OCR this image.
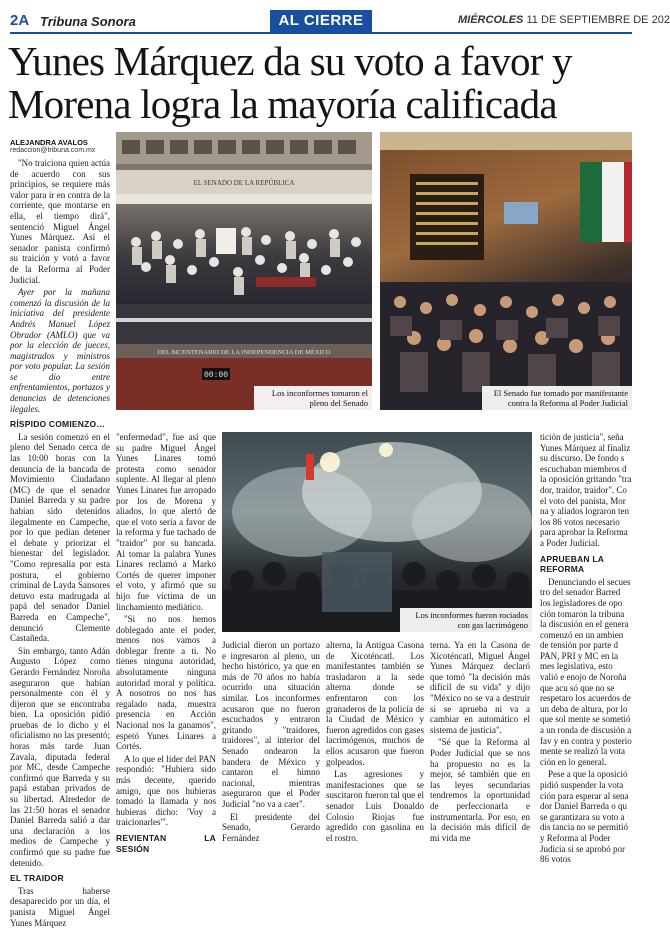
2A Tribuna Sonora	AL CIERRE	MIÉRCOLES 11 DE SEPTIEMBRE DE 202
Yunes Márquez da su voto a favor y
Morena logra la mayoría calificada
ALEJANDRA AVALOS
redaccion@tribuna.com.mx

"No traiciona quien actúa de acuerdo con sus principios, se requiere más valor para ir en contra de la corriente, que montarse en ella, el tiempo dirá", sentenció Miguel Ángel Yunes Márquez. Así el senador panista confirmó su traición y votó a favor de la Reforma al Poder Judicial.

Ayer por la mañana comenzó la discusión de la iniciativa del presidente Andrés Manuel López Obrador (AMLO) que va por la elección de jueces, magistrados y ministros por voto popular. La sesión se dio entre enfrentamientos, portazos y denuncias de detenciones ilegales.

RÍSPIDO COMIENZO…

La sesión comenzó en el pleno del Senado cerca de las 10:00 horas con la denuncia de la bancada de Movimiento Ciudadano (MC) de que el senador Daniel Barreda y su padre habían sido detenidos ilegalmente en Campeche, por lo que pedían detener el debate y priorizar el bienestar del legislador. "Como represalia por esta postura, el gobierno criminal de Layda Sansores detuvo esta madrugada al papá del senador Daniel Barreda en Campeche", denunció Clemente Castañeda.

Sin embargo, tanto Adán Augusto López como Gerardo Fernández Noroña aseguraron que habían personalmente con él y dijeron que se encontraba bien. La oposición pidió pruebas de lo dicho y el oficialismo no las presentó; horas más tarde Juan Zavala, diputada federal por MC, desde Campeche confirmó que Barreda y su papá estaban privados de su libertad. Alrededor de las 21:50 horas el senador Daniel Barreda salió a dar una declaración a los medios de Campeche y confirmó que su padre fue detenido.

EL TRAIDOR

Tras haberse desaparecido por un día, el panista Miguel Ángel Yunes Márquez

EL SENADO DE LA REPÚBLICA
DEL BICENTENARIO DE LA INDEPENDENCIA DE MÉXICO
00:00
Los inconformes tomaron el pleno del Senado
El Senado fue tomado por manifestante contra la Reforma al Poder Judicial

"enfermedad", fue así que su padre Miguel Ángel Yunes Linares tomó protesta como senador suplente. Al llegar al pleno Yunes Linares fue arropado por los de Morena y aliados, lo que alertó de que el voto sería a favor de la reforma y fue tachado de "traidor" por su bancada. Al tomar la palabra Yunes Linares reclamó a Marko Cortés de querer imponer el voto, y afirmó que su hijo fue víctima de un linchamiento mediático.

"Si no nos hemos doblegado ante el poder, menos nos vamos a doblegar frente a ti. No tienes ninguna autoridad, absolutamente ninguna autoridad moral y política. A nosotros no nos has regalado nada, muestra presencia en Acción Nacional nos la ganamos", espetó Yunes Linares a Cortés.

A lo que el líder del PAN respondió: "Hubiera sido más decente, querido amigo, que nos hubieras tomado la llamada y nos hubieras dicho: 'Voy a traicionarles'".

REVIENTAN LA SESIÓN

Los inconformes fueron rociados con gas lacrimógeno

Judicial dieron un portazo e ingresaron al pleno, un hecho histórico, ya que en más de 70 años no había ocurrido una situación similar. Los inconformes acusaron que no fueron escuchados y entraron gritando "traidores, traidores", al interior del Senado ondearon la bandera de México y cantaron el himno nacional, mientras aseguraron que el Poder Judicial "no va a caer".

El presidente del Senado, Gerardo Fernández

alterna, la Antigua Casona de Xicoténcatl. Los manifestantes también se trasladaron a la sede alterna donde se enfrentaron con los granaderos de la policía de la Ciudad de México y fueron agredidos con gases lacrimógenos, muchos de ellos acusaron que fueron golpeados.

Las agresiones y manifestaciones que se suscitaron fueron tal que el senador Luis Donaldo Colosio Riojas fue agredido con gasolina en el rostro.

terna. Ya en la Casona de Xicoténcatl, Miguel Ángel Yunes Márquez declaró que tomó "la decisión más difícil de su vida" y dijo "México no se va a destruir si se aprueba ni va a cambiar en automático el sistema de justicia".

"Sé que la Reforma al Poder Judicial que se nos ha propuesto no es la mejor, sé también que en las leyes secundarias tendremos la oportunidad de perfeccionarla e instrumentarla. Por eso, en la decisión más difícil de mi vida me

tición de justicia", seña Yunes Márquez al finaliz su discurso. De fondo s escuchaban miembros d la oposición gritando "tra dor, traidor, traidor". Co el voto del panista, Mor na y aliados lograron ten los 86 votos necesario para aprobar la Reforma a Poder Judicial.

APRUEBAN LA REFORMA

Denunciando el secues tro del senador Barred los legisladores de opo ción tomaron la tribuna la discusión en el genera comenzó en un ambien de tensión por parte d PAN, PRI y MC en la mes legislativa, esto valió e enojo de Noroña que acu só que no se respetaro los acuerdos de un deba de altura, por lo que sol mente se sometió a un ronda de discusión a fav y en contra y posterio mente se realizó la vota ción en lo general.

Pese a que la oposició pidió suspender la vota ción para esperar al sena dor Daniel Barreda o qu se garantizara su voto a dis tancia no se permitió y Reforma al Poder Judicia si se aprobó por 86 votos
